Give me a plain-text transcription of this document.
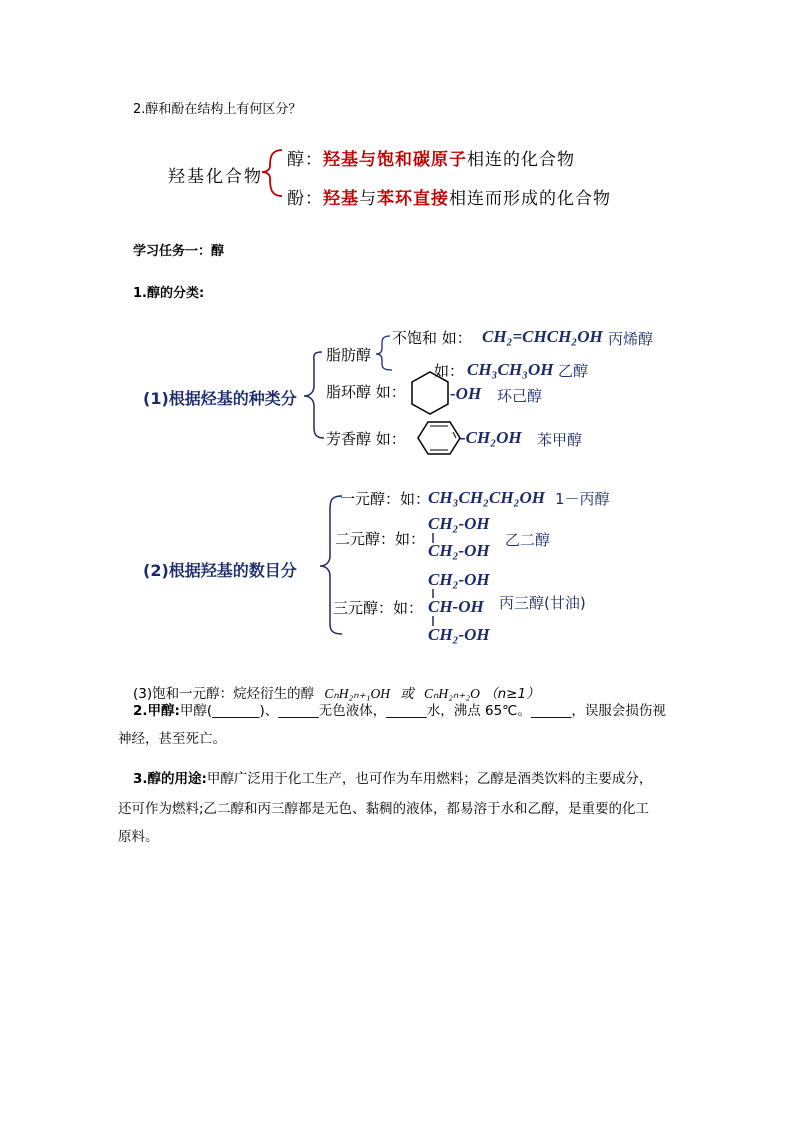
2.醇和酚在结构上有何区分？
羟基化合物
醇：羟基与饱和碳原子相连的化合物
酚：羟基与苯环直接相连而形成的化合物
学习任务一：醇
1.醇的分类:
(1)根据烃基的种类分
脂肪醇
不饱和 如： CH₂=CHCH₂OH 丙烯醇
如： CH₃CH₃OH 乙醇
脂环醇 如：	-OH 环己醇
芳香醇 如：	-CH₂OH 苯甲醇
(2)根据羟基的数目分
一元醇：如：
CH₃CH₂CH₂OH 1－丙醇
二元醇：如：
CH₂-OH
CH₂-OH
乙二醇
三元醇：如：
CH₂-OH
CH-OH
CH₂-OH
丙三醇(甘油)
(3)饱和一元醇：烷烃衍生的醇 CₙH₂ₙ₊₁OH 或 CₙH₂ₙ₊₂O （n≥1）
2.甲醇:甲醇(_______)、______无色液体，______水，沸点 65℃。______，误服会损伤视
神经，甚至死亡。
3.醇的用途:甲醇广泛用于化工生产，也可作为车用燃料；乙醇是酒类饮料的主要成分，
还可作为燃料;乙二醇和丙三醇都是无色、黏稠的液体，都易溶于水和乙醇，是重要的化工
原料。
